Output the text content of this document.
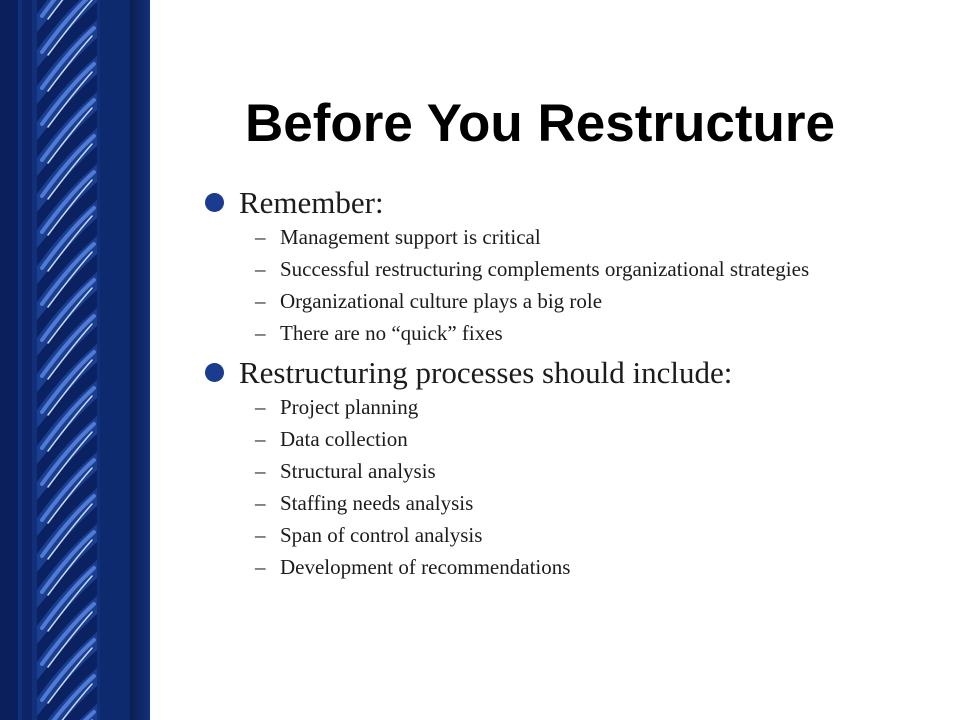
Before You Restructure
Remember:
– Management support is critical
– Successful restructuring complements organizational strategies
– Organizational culture plays a big role
– There are no “quick” fixes
Restructuring processes should include:
– Project planning
– Data collection
– Structural analysis
– Staffing needs analysis
– Span of control analysis
– Development of recommendations
